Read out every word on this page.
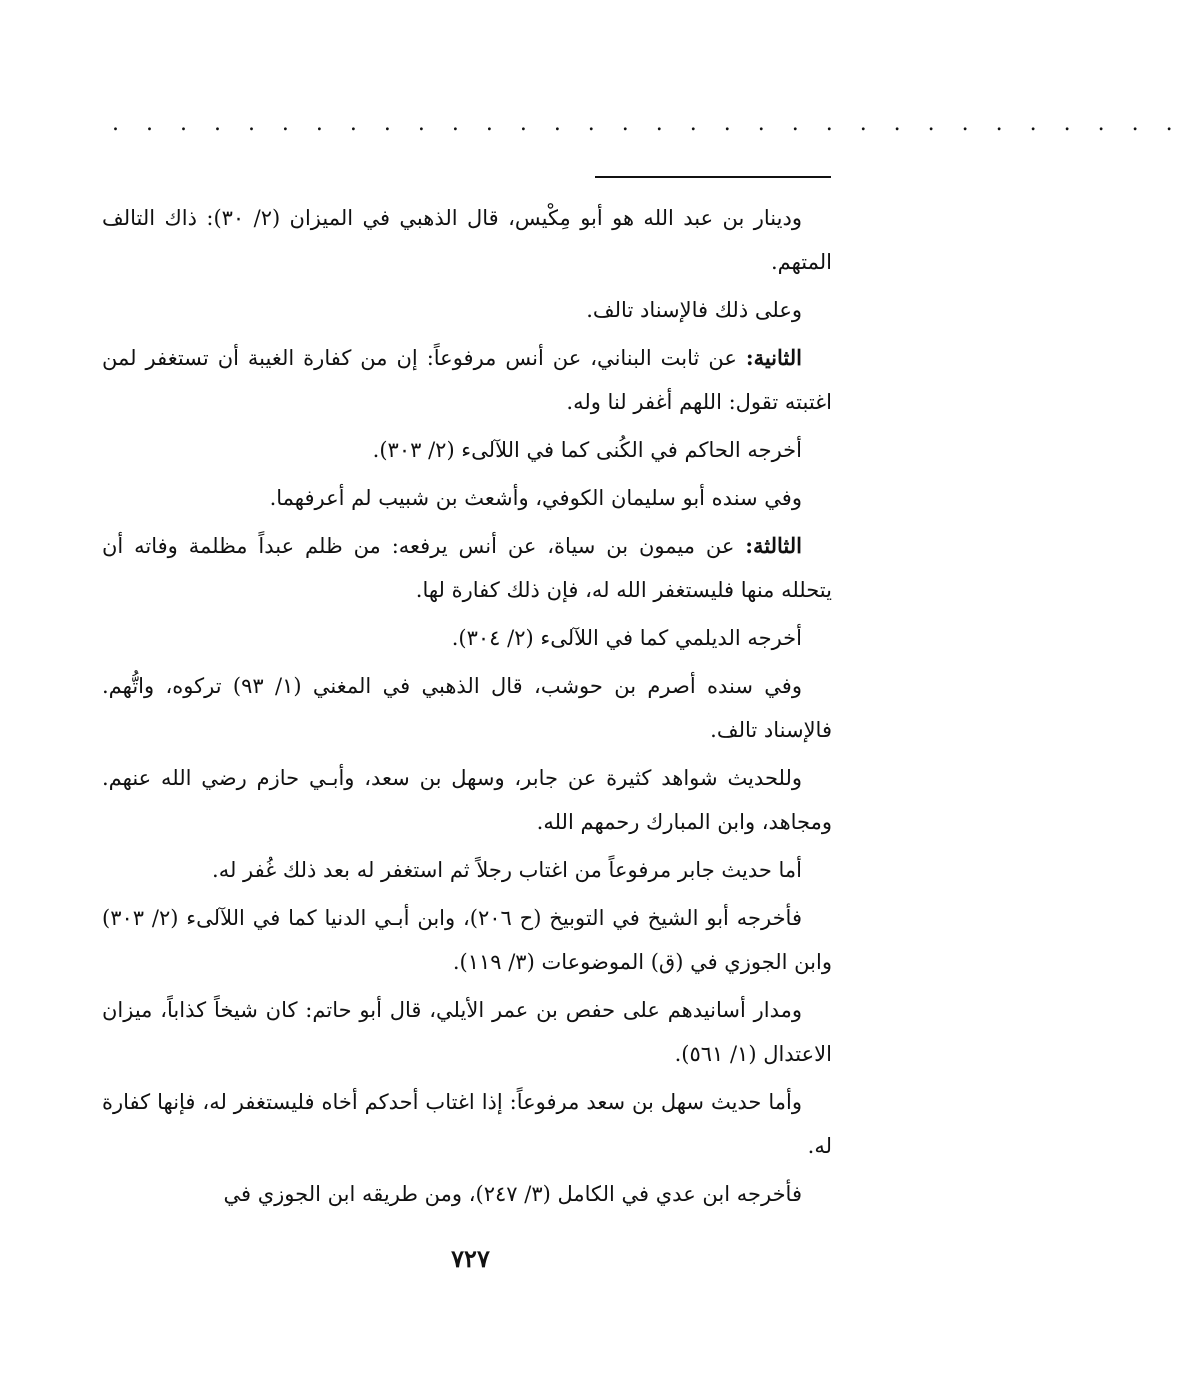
. . . . . . . . . . . . . . . . . . . . . . . . . . . . . . . .

ودينار بن عبد الله هو أبو مِكْيس، قال الذهبي في الميزان (٢/ ٣٠): ذاك التالف المتهم.

وعلى ذلك فالإسناد تالف.

الثانية: عن ثابت البناني، عن أنس مرفوعاً: إن من كفارة الغيبة أن تستغفر لمن اغتبته تقول: اللهم أغفر لنا وله.

أخرجه الحاكم في الكُنى كما في اللآلىء (٢/ ٣٠٣).

وفي سنده أبو سليمان الكوفي، وأشعث بن شبيب لم أعرفهما.

الثالثة: عن ميمون بن سياة، عن أنس يرفعه: من ظلم عبداً مظلمة وفاته أن يتحلله منها فليستغفر الله له، فإن ذلك كفارة لها.

أخرجه الديلمي كما في اللآلىء (٢/ ٣٠٤).

وفي سنده أصرم بن حوشب، قال الذهبي في المغني (١/ ٩٣) تركوه، واتُّهم. فالإسناد تالف.

وللحديث شواهد كثيرة عن جابر، وسهل بن سعد، وأبـي حازم رضي الله عنهم. ومجاهد، وابن المبارك رحمهم الله.

أما حديث جابر مرفوعاً من اغتاب رجلاً ثم استغفر له بعد ذلك غُفر له.

فأخرجه أبو الشيخ في التوبيخ (ح ٢٠٦)، وابن أبـي الدنيا كما في اللآلىء (٢/ ٣٠٣) وابن الجوزي في (ق) الموضوعات (٣/ ١١٩).

ومدار أسانيدهم على حفص بن عمر الأيلي، قال أبو حاتم: كان شيخاً كذاباً، ميزان الاعتدال (١/ ٥٦١).

وأما حديث سهل بن سعد مرفوعاً: إذا اغتاب أحدكم أخاه فليستغفر له، فإنها كفارة له.

فأخرجه ابن عدي في الكامل (٣/ ٢٤٧)، ومن طريقه ابن الجوزي في

٧٢٧
